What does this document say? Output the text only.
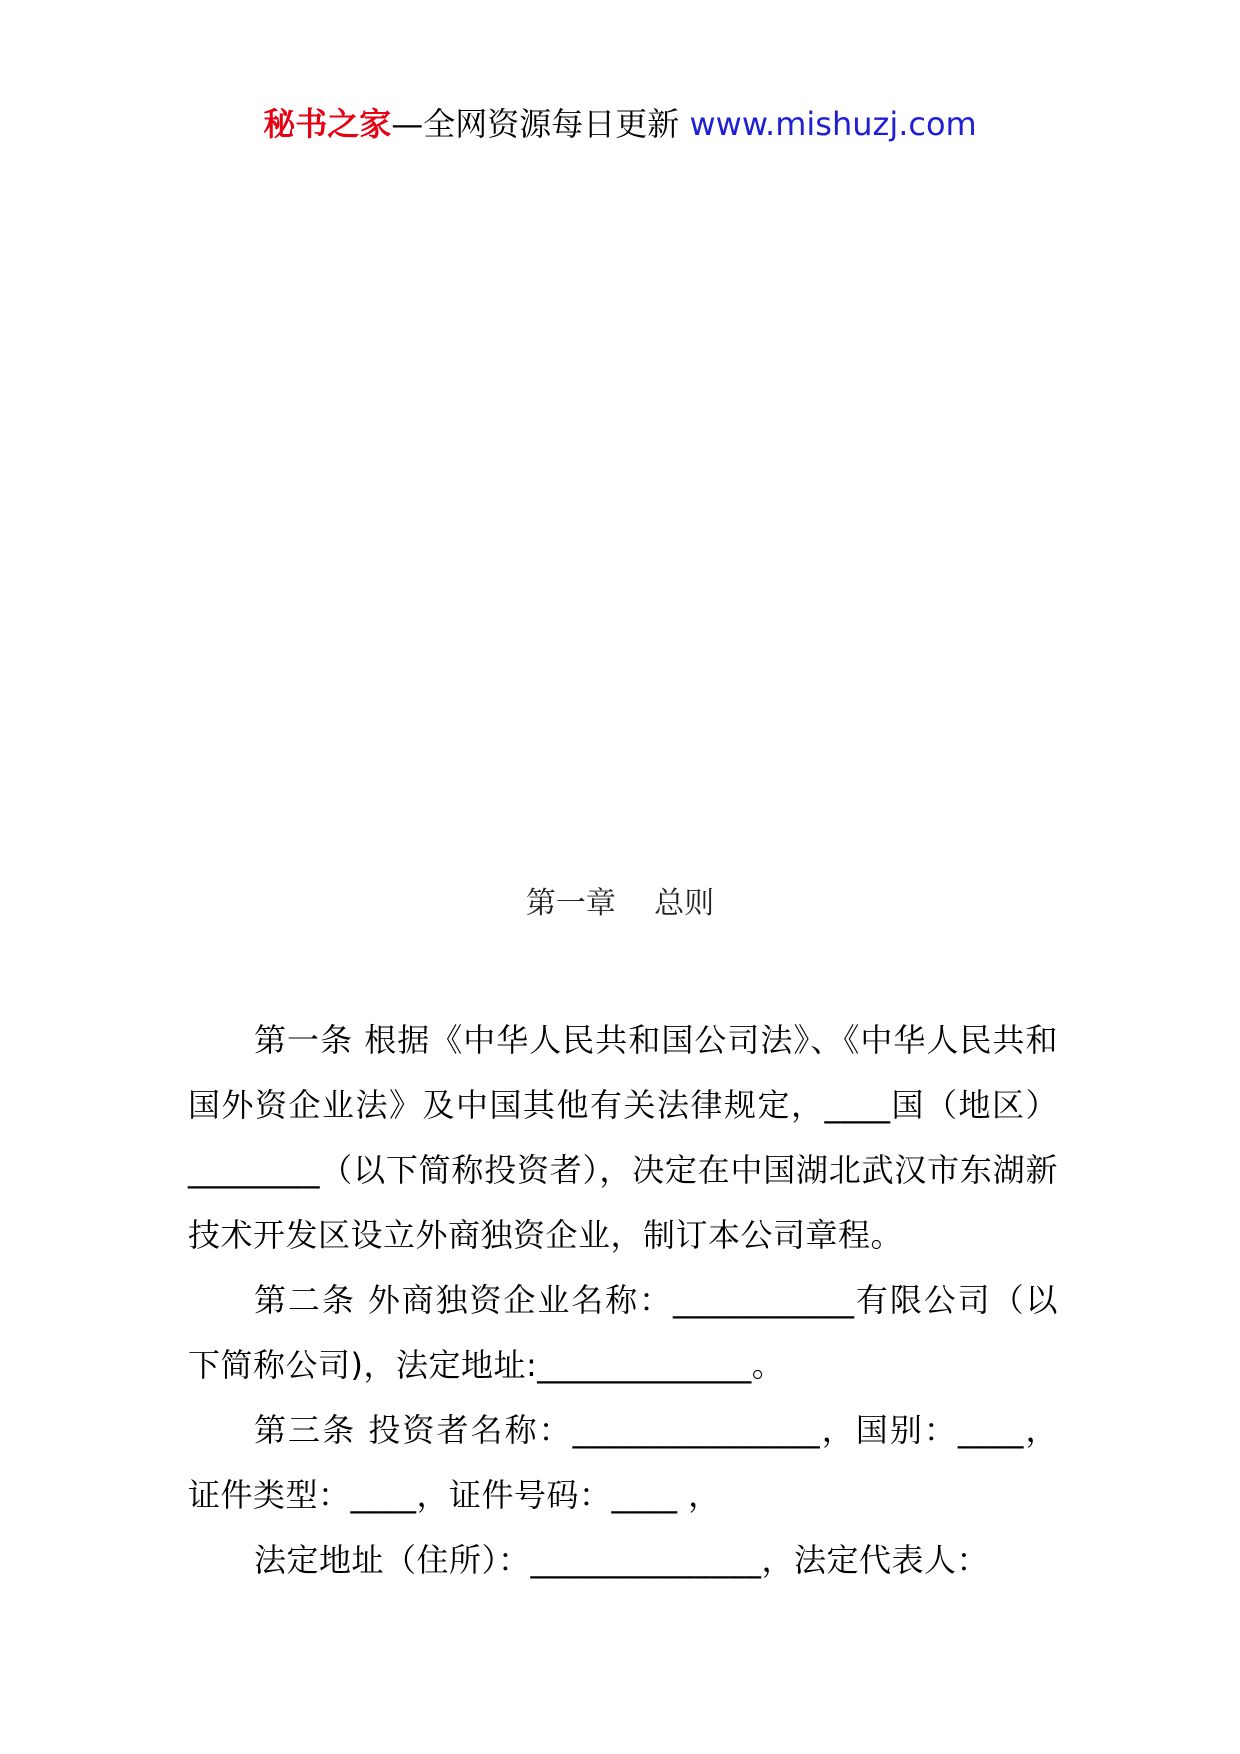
秘书之家—全网资源每日更新 www.mishuzj.com
第一章    总则

第一条 根据《中华人民共和国公司法》、《中华人民共和国外资企业法》及中国其他有关法律规定，____国（地区）________（以下简称投资者），决定在中国湖北武汉市东湖新技术开发区设立外商独资企业，制订本公司章程。

第二条 外商独资企业名称：___________有限公司（以下简称公司)，法定地址:_____________。

第三条 投资者名称：_______________，国别：____，证件类型：____，证件号码：____ ，

法定地址（住所）：______________，法定代表人：
